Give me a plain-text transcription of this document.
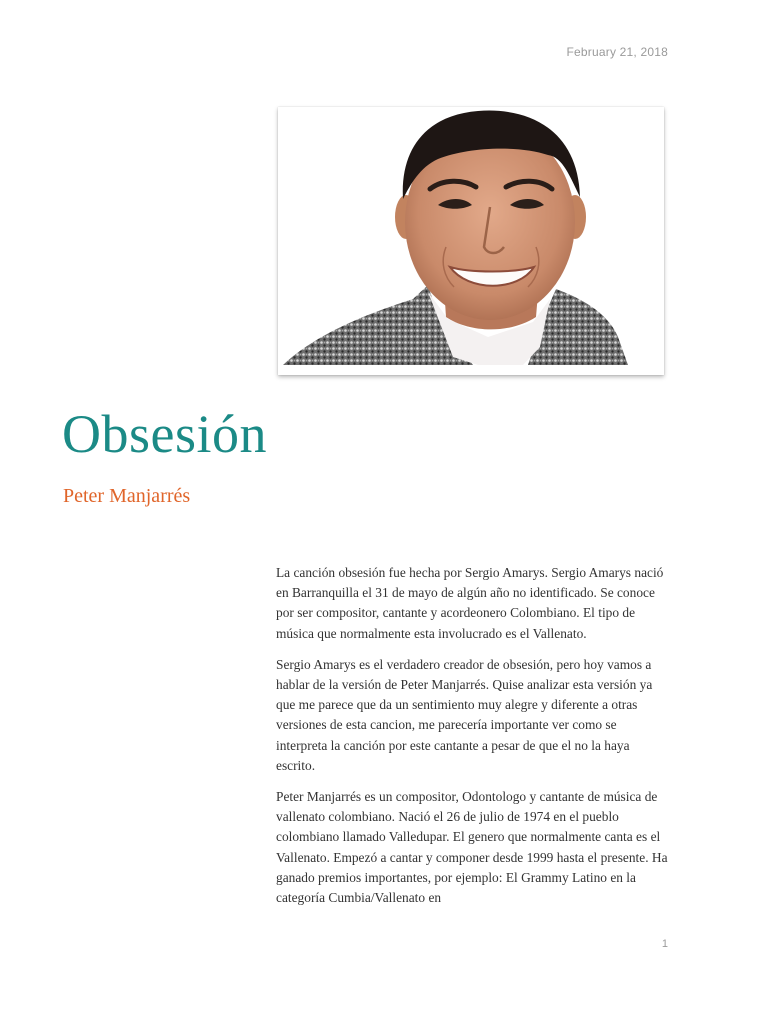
February 21, 2018
Obsesión
Peter Manjarrés

La canción obsesión fue hecha por Sergio Amarys. Sergio Amarys nació en Barranquilla el 31 de mayo de algún año no identificado. Se conoce por ser compositor, cantante y acordeonero Colombiano. El tipo de música que normalmente esta involucrado es el Vallenato.

Sergio Amarys es el verdadero creador de obsesión, pero hoy vamos a hablar de la versión de Peter Manjarrés. Quise analizar esta versión ya que me parece que da un sentimiento muy alegre y diferente a otras versiones de esta cancion, me parecería importante ver como se interpreta la canción por este cantante a pesar de que el no la haya escrito.

Peter Manjarrés es un compositor, Odontologo y cantante de música de vallenato colombiano. Nació el 26 de julio de 1974 en el pueblo colombiano llamado Valledupar. El genero que normalmente canta es el Vallenato. Empezó a cantar y componer desde 1999 hasta el presente. Ha ganado premios importantes, por ejemplo: El Grammy Latino en la categoría Cumbia/Vallenato en

1
